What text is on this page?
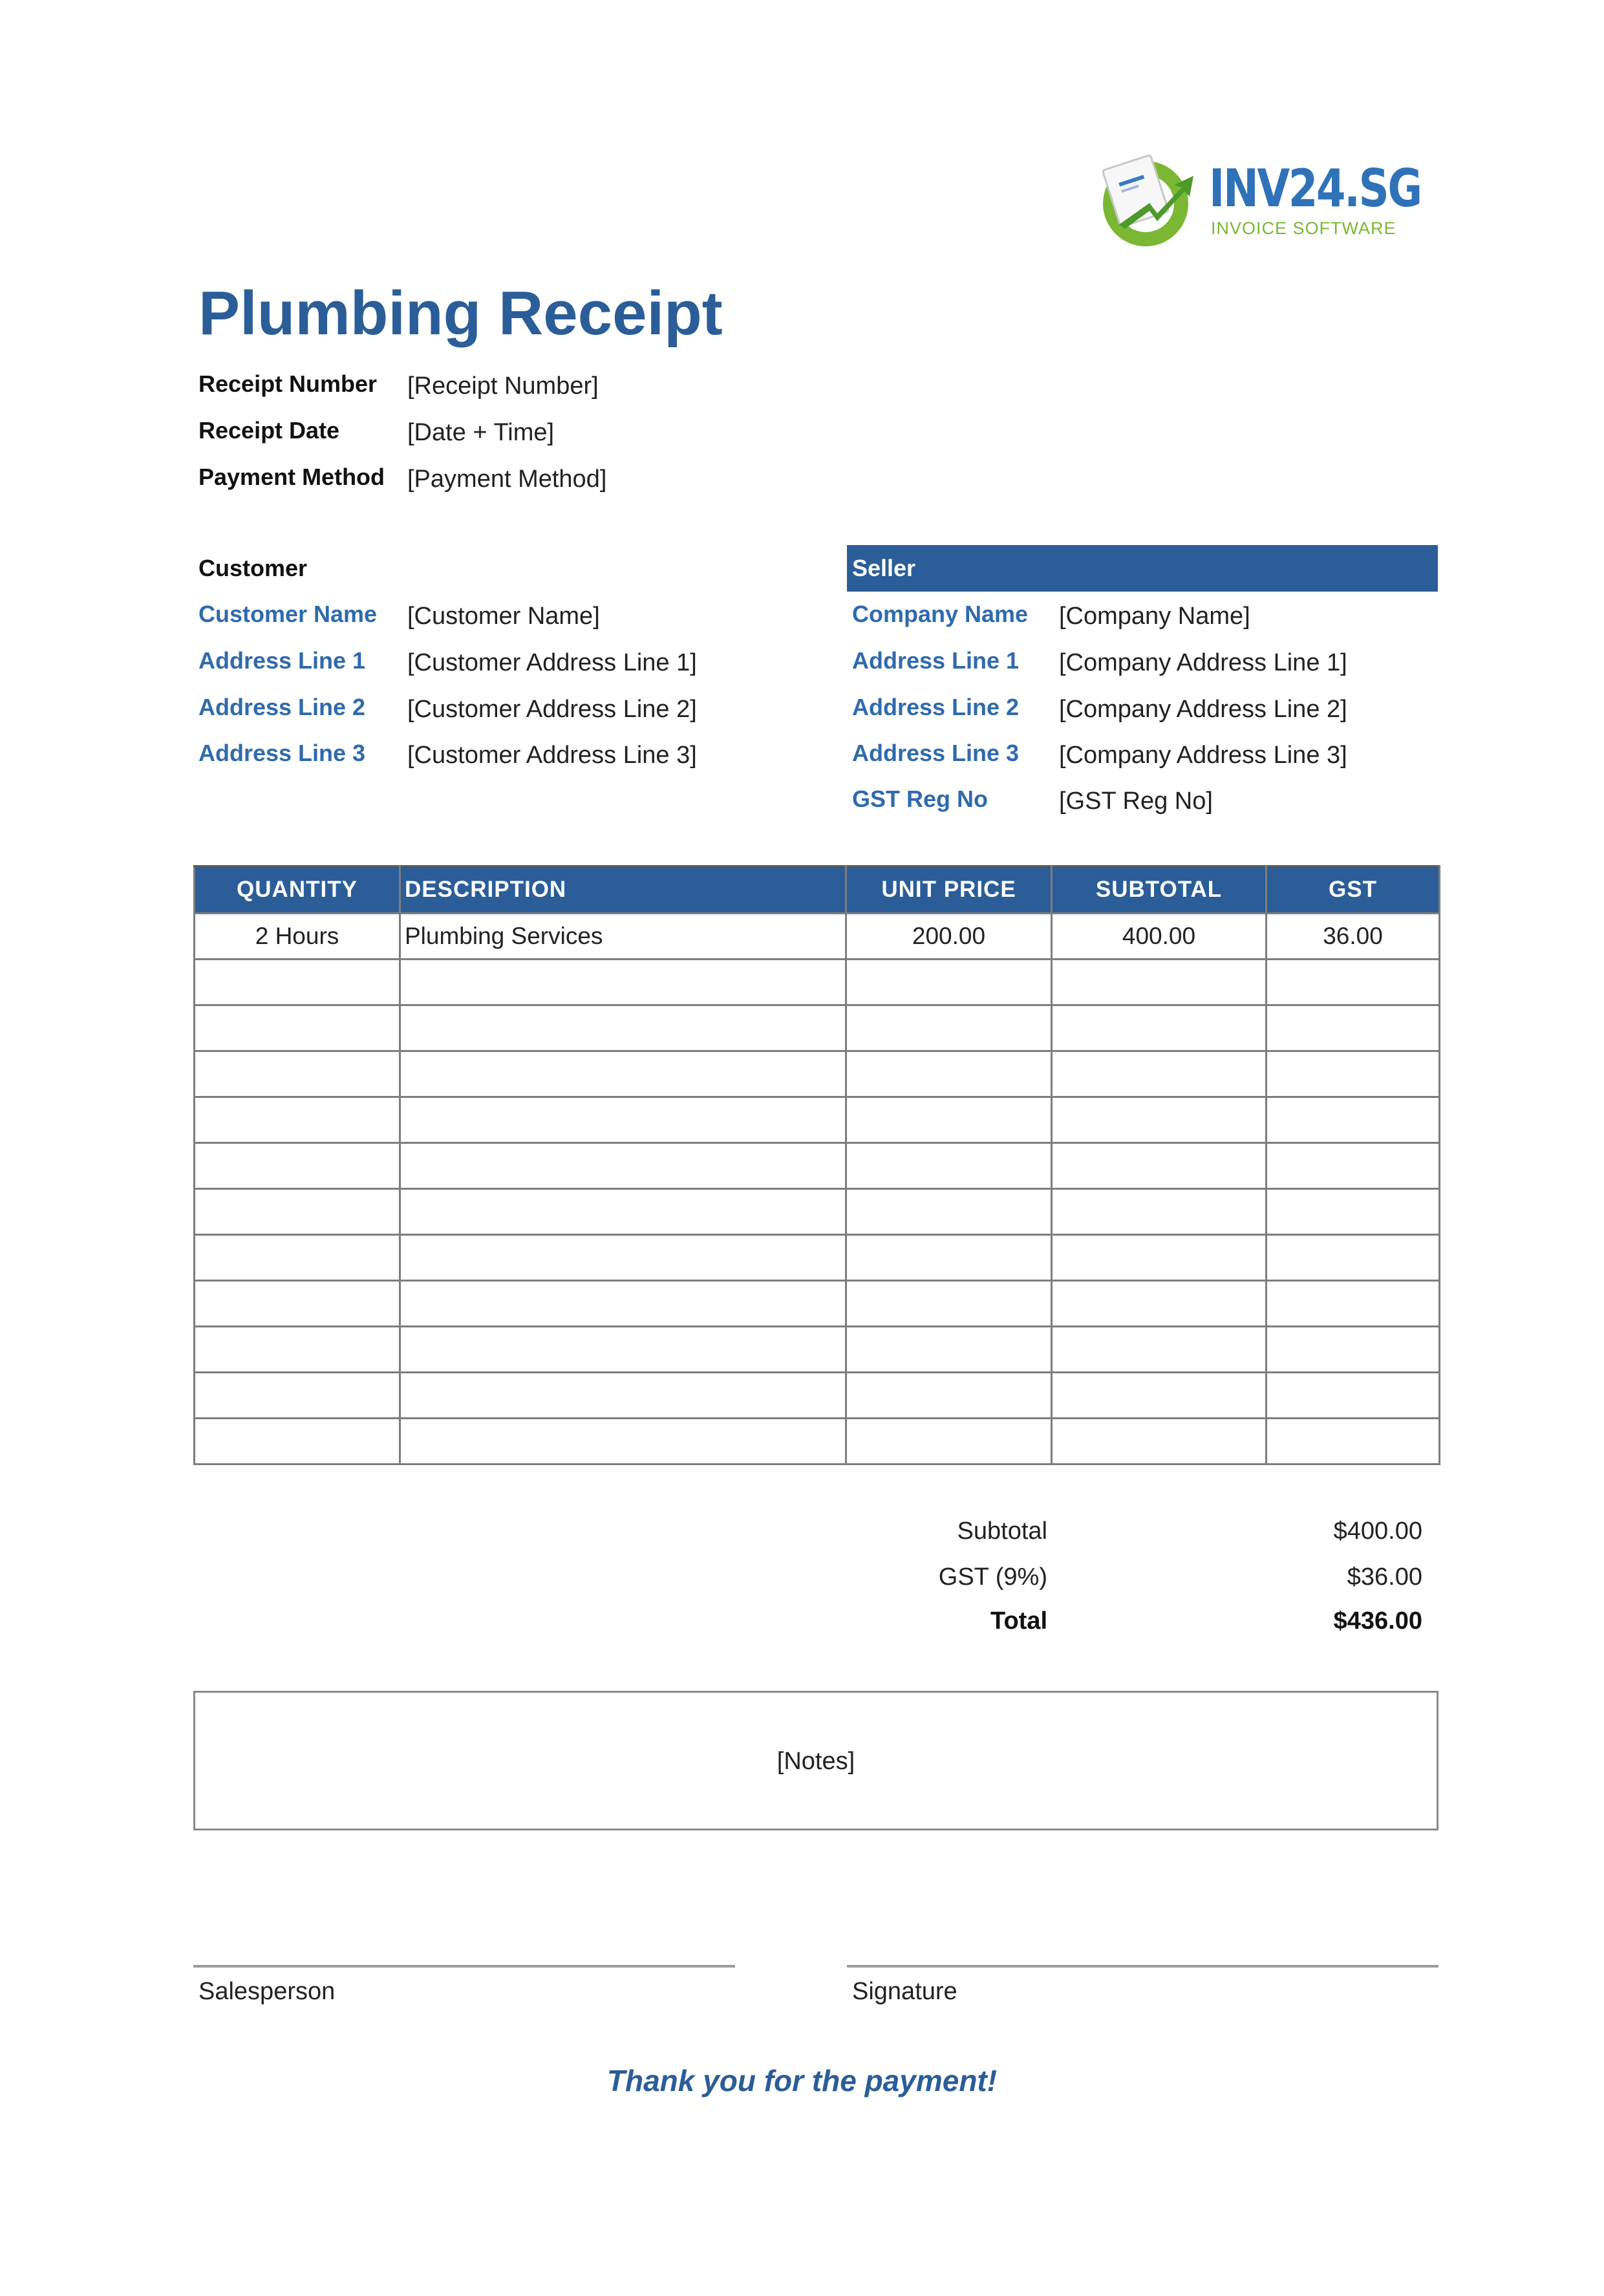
INV24.SG
INVOICE SOFTWARE
Plumbing Receipt
Receipt Number [Receipt Number]
Receipt Date	[Date + Time]
Payment Method [Payment Method]
Customer
Customer Name [Customer Name]
Address Line 1 [Customer Address Line 1]
Address Line 2 [Customer Address Line 2]
Address Line 3 [Customer Address Line 3]
Seller
Company Name [Company Name]
Address Line 1 [Company Address Line 1]
Address Line 2 [Company Address Line 2]
Address Line 3 [Company Address Line 3]
GST Reg No	[GST Reg No]
QUANTITY	DESCRIPTION	UNIT PRICE	SUBTOTAL	GST
2 Hours	Plumbing Services	200.00	400.00	36.00

Subtotal	$400.00
GST (9%)	$36.00
Total	$436.00
[Notes]
Salesperson	Signature
Thank you for the payment!
